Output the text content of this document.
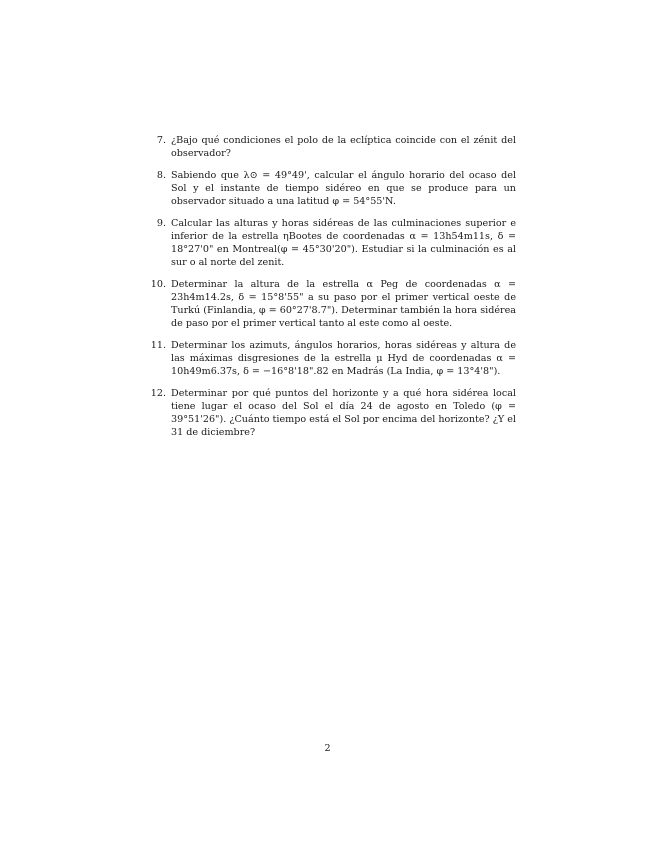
7. ¿Bajo qué condiciones el polo de la eclíptica coincide con el zénit del observador?
8. Sabiendo que λ⊙ = 49°49', calcular el ángulo horario del ocaso del Sol y el instante de tiempo sidéreo en que se produce para un observador situado a una latitud φ = 54°55'N.
9. Calcular las alturas y horas sidéreas de las culminaciones superior e inferior de la estrella ηBootes de coordenadas α = 13h54m11s, δ = 18°27'0" en Montreal(φ = 45°30'20"). Estudiar si la culminación es al sur o al norte del zenit.
10. Determinar la altura de la estrella α Peg de coordenadas α = 23h4m14.2s, δ = 15°8'55" a su paso por el primer vertical oeste de Turkú (Finlandia, φ = 60°27'8.7"). Determinar también la hora sidérea de paso por el primer vertical tanto al este como al oeste.
11. Determinar los azimuts, ángulos horarios, horas sidéreas y altura de las máximas disgresiones de la estrella μ Hyd de coordenadas α = 10h49m6.37s, δ = −16°8'18".82 en Madrás (La India, φ = 13°4'8").
12. Determinar por qué puntos del horizonte y a qué hora sidérea local tiene lugar el ocaso del Sol el día 24 de agosto en Toledo (φ = 39°51'26"). ¿Cuánto tiempo está el Sol por encima del horizonte? ¿Y el 31 de diciembre?
2
